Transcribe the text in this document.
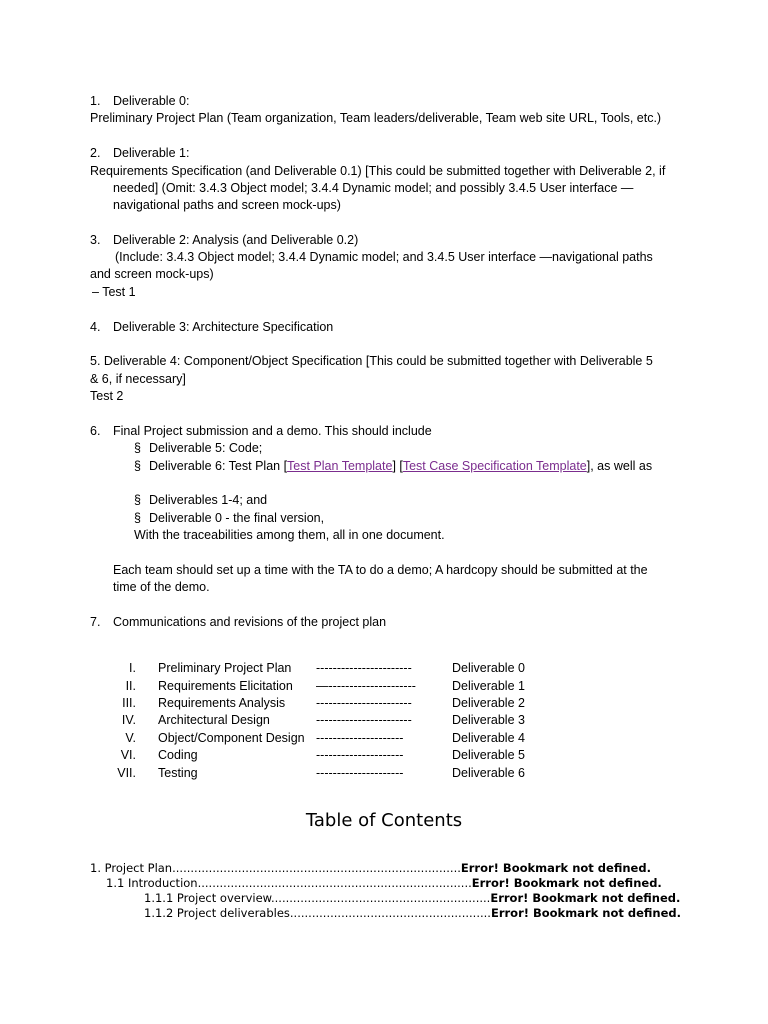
1. Deliverable 0:
Preliminary Project Plan (Team organization, Team leaders/deliverable, Team web site URL, Tools, etc.)
2. Deliverable 1:
Requirements Specification (and Deliverable 0.1) [This could be submitted together with Deliverable 2, if
needed] (Omit: 3.4.3 Object model; 3.4.4 Dynamic model; and possibly 3.4.5 User interface —
navigational paths and screen mock-ups)
3. Deliverable 2: Analysis (and Deliverable 0.2)
(Include: 3.4.3 Object model; 3.4.4 Dynamic model; and 3.4.5 User interface —navigational paths
and screen mock-ups)
– Test 1
4. Deliverable 3: Architecture Specification
5. Deliverable 4: Component/Object Specification [This could be submitted together with Deliverable 5
& 6, if necessary]
Test 2
6. Final Project submission and a demo. This should include
§ Deliverable 5: Code;
§ Deliverable 6: Test Plan [Test Plan Template] [Test Case Specification Template], as well as
§ Deliverables 1-4; and
§ Deliverable 0 - the final version,
With the traceabilities among them, all in one document.
Each team should set up a time with the TA to do a demo; A hardcopy should be submitted at the
time of the demo.
7. Communications and revisions of the project plan
I. Preliminary Project Plan -----------------------	Deliverable 0
II. Requirements Elicitation —---------------------	Deliverable 1
III. Requirements Analysis -----------------------	Deliverable 2
IV. Architectural Design	-----------------------	Deliverable 3
V. Object/Component Design ---------------------	Deliverable 4
VI. Coding	---------------------	Deliverable 5
VII. Testing	---------------------	Deliverable 6
Table of Contents
1. Project Plan...............................................................................Error! Bookmark not defined.
1.1 Introduction...........................................................................Error! Bookmark not defined.
1.1.1 Project overview............................................................Error! Bookmark not defined.
1.1.2 Project deliverables.......................................................Error! Bookmark not defined.
